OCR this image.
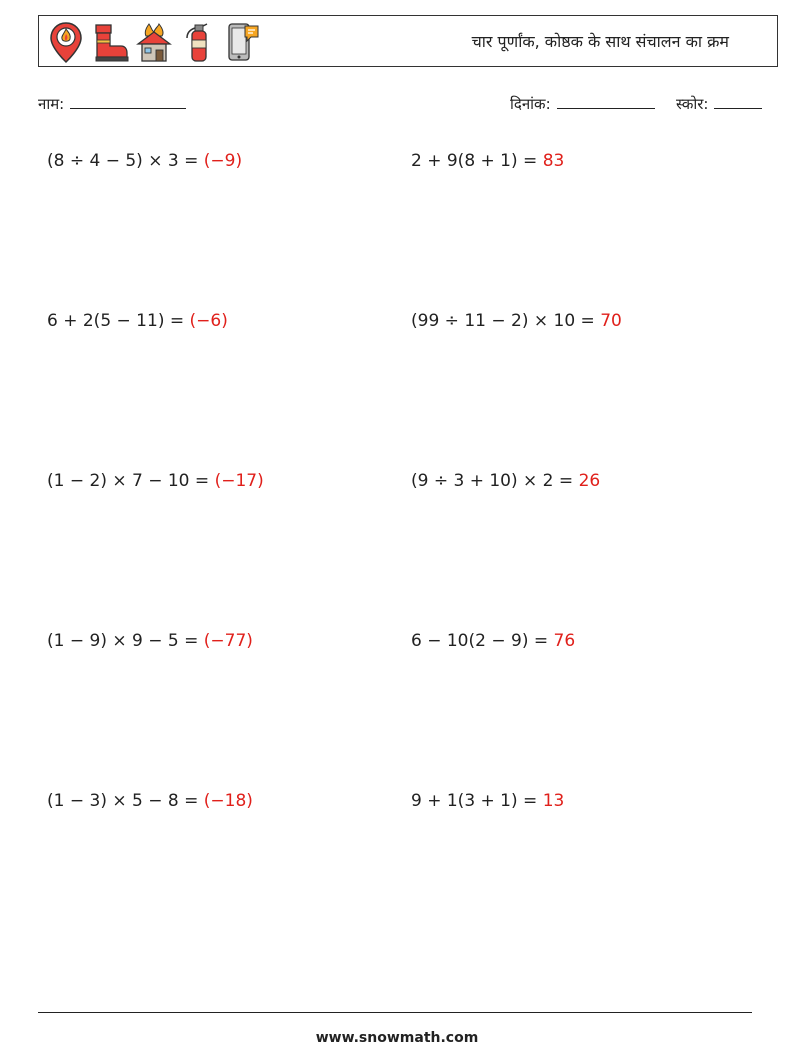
चार पूर्णांक, कोष्ठक के साथ संचालन का क्रम
नाम:	दिनांक:	स्कोर:
(8 ÷ 4 − 5) × 3 = (−9)	2 + 9(8 + 1) = 83
6 + 2(5 − 11) = (−6)	(99 ÷ 11 − 2) × 10 = 70
(1 − 2) × 7 − 10 = (−17)	(9 ÷ 3 + 10) × 2 = 26
(1 − 9) × 9 − 5 = (−77)	6 − 10(2 − 9) = 76
(1 − 3) × 5 − 8 = (−18)	9 + 1(3 + 1) = 13
www.snowmath.com
